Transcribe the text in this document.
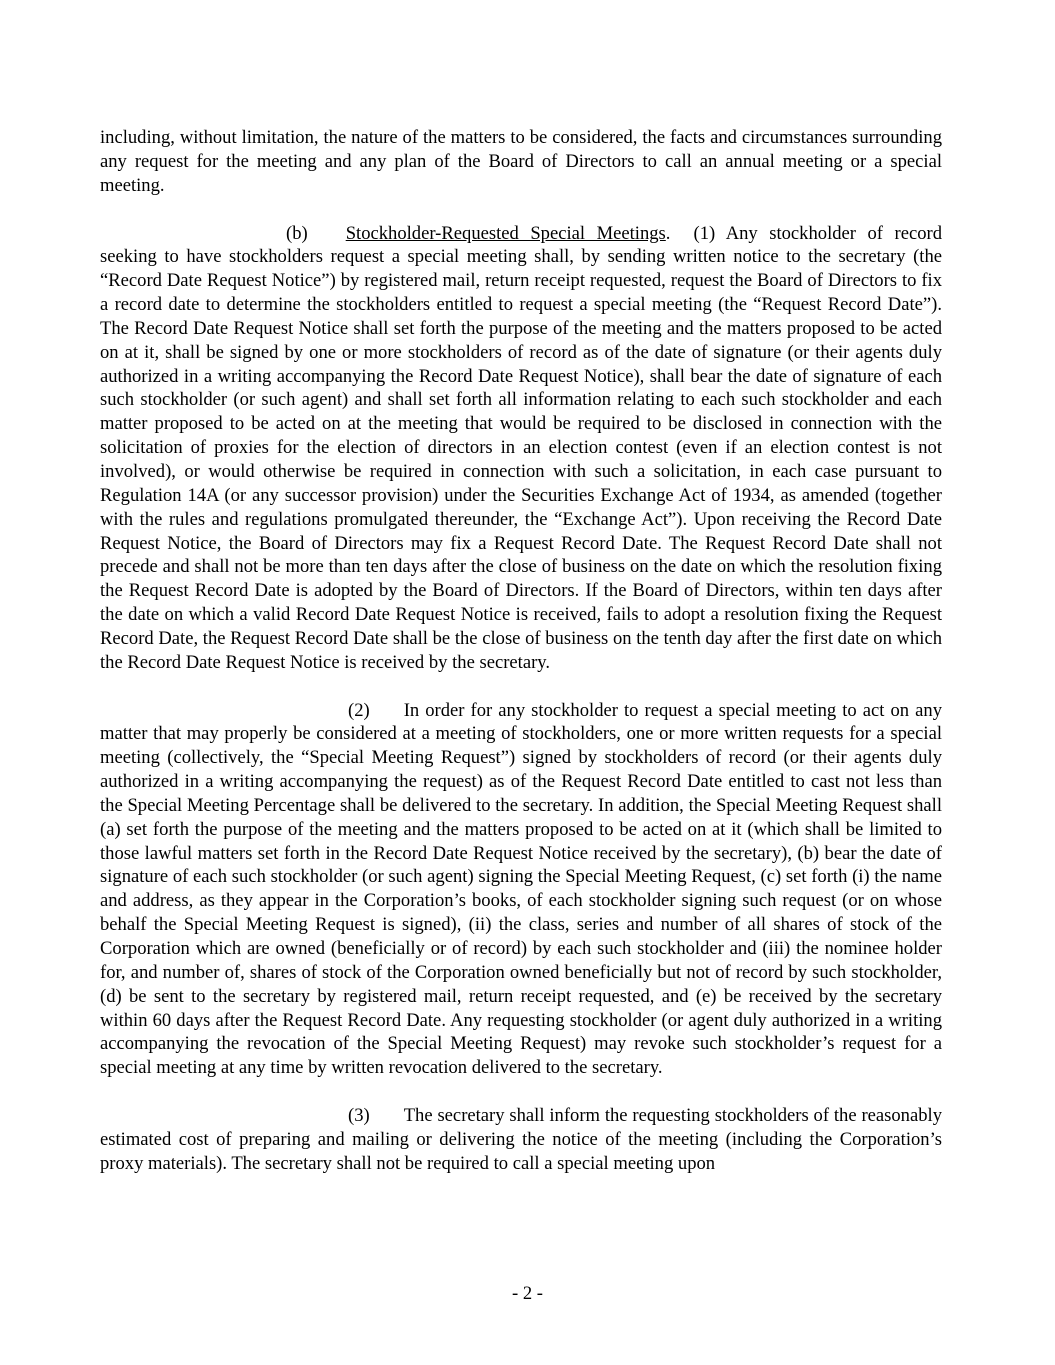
including, without limitation, the nature of the matters to be considered, the facts and circumstances surrounding any request for the meeting and any plan of the Board of Directors to call an annual meeting or a special meeting.

(b) Stockholder-Requested Special Meetings. (1) Any stockholder of record seeking to have stockholders request a special meeting shall, by sending written notice to the secretary (the “Record Date Request Notice”) by registered mail, return receipt requested, request the Board of Directors to fix a record date to determine the stockholders entitled to request a special meeting (the “Request Record Date”). The Record Date Request Notice shall set forth the purpose of the meeting and the matters proposed to be acted on at it, shall be signed by one or more stockholders of record as of the date of signature (or their agents duly authorized in a writing accompanying the Record Date Request Notice), shall bear the date of signature of each such stockholder (or such agent) and shall set forth all information relating to each such stockholder and each matter proposed to be acted on at the meeting that would be required to be disclosed in connection with the solicitation of proxies for the election of directors in an election contest (even if an election contest is not involved), or would otherwise be required in connection with such a solicitation, in each case pursuant to Regulation 14A (or any successor provision) under the Securities Exchange Act of 1934, as amended (together with the rules and regulations promulgated thereunder, the “Exchange Act”). Upon receiving the Record Date Request Notice, the Board of Directors may fix a Request Record Date. The Request Record Date shall not precede and shall not be more than ten days after the close of business on the date on which the resolution fixing the Request Record Date is adopted by the Board of Directors. If the Board of Directors, within ten days after the date on which a valid Record Date Request Notice is received, fails to adopt a resolution fixing the Request Record Date, the Request Record Date shall be the close of business on the tenth day after the first date on which the Record Date Request Notice is received by the secretary.

(2) In order for any stockholder to request a special meeting to act on any matter that may properly be considered at a meeting of stockholders, one or more written requests for a special meeting (collectively, the “Special Meeting Request”) signed by stockholders of record (or their agents duly authorized in a writing accompanying the request) as of the Request Record Date entitled to cast not less than the Special Meeting Percentage shall be delivered to the secretary. In addition, the Special Meeting Request shall (a) set forth the purpose of the meeting and the matters proposed to be acted on at it (which shall be limited to those lawful matters set forth in the Record Date Request Notice received by the secretary), (b) bear the date of signature of each such stockholder (or such agent) signing the Special Meeting Request, (c) set forth (i) the name and address, as they appear in the Corporation’s books, of each stockholder signing such request (or on whose behalf the Special Meeting Request is signed), (ii) the class, series and number of all shares of stock of the Corporation which are owned (beneficially or of record) by each such stockholder and (iii) the nominee holder for, and number of, shares of stock of the Corporation owned beneficially but not of record by such stockholder, (d) be sent to the secretary by registered mail, return receipt requested, and (e) be received by the secretary within 60 days after the Request Record Date. Any requesting stockholder (or agent duly authorized in a writing accompanying the revocation of the Special Meeting Request) may revoke such stockholder’s request for a special meeting at any time by written revocation delivered to the secretary.

(3) The secretary shall inform the requesting stockholders of the reasonably estimated cost of preparing and mailing or delivering the notice of the meeting (including the Corporation’s proxy materials). The secretary shall not be required to call a special meeting upon

- 2 -
